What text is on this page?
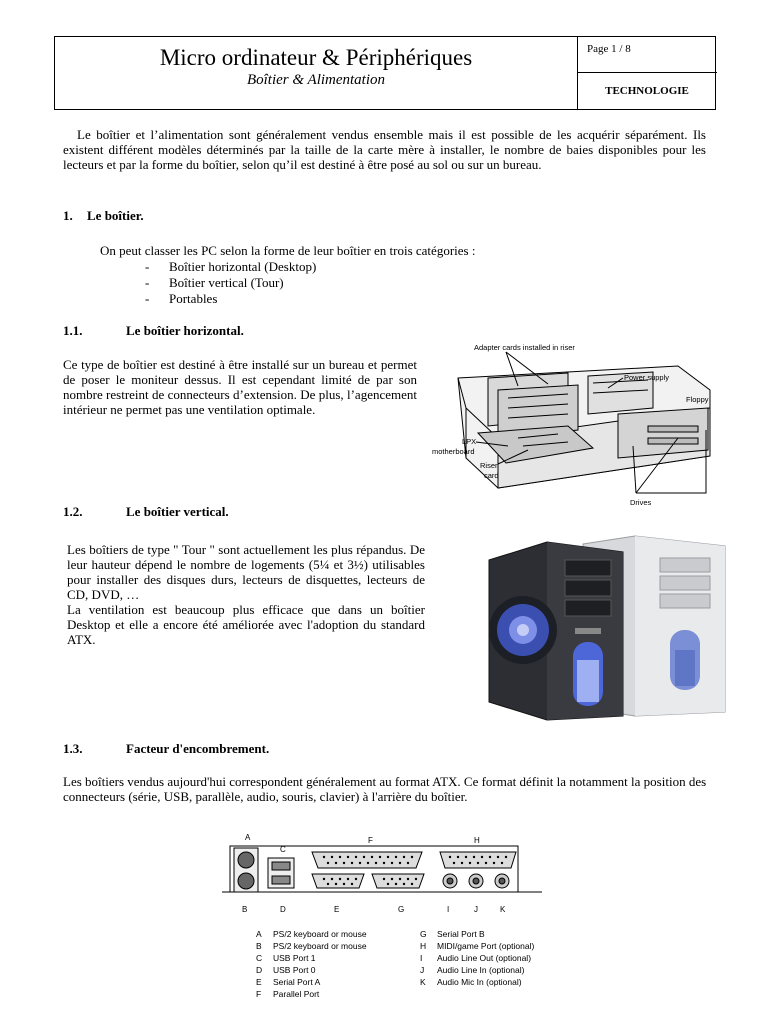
Micro ordinateur & Périphériques
Boîtier & Alimentation
Page 1 / 8
TECHNOLOGIE
Le boîtier et l’alimentation sont généralement vendus ensemble mais il est possible de les acquérir séparément. Ils existent différent modèles déterminés par la taille de la carte mère à installer, le nombre de baies disponibles pour les lecteurs et par la forme du boîtier, selon qu’il est destiné à être posé au sol ou sur un bureau.
1. Le boîtier.
On peut classer les PC selon la forme de leur boîtier en trois catégories :
- Boîtier horizontal (Desktop)
- Boîtier vertical (Tour)
- Portables
1.1.	Le boîtier horizontal.
Ce type de boîtier est destiné à être installé sur un bureau et permet de poser le moniteur dessus. Il est cependant limité de par son nombre restreint de connecteurs d’extension. De plus, l’agencement intérieur ne permet pas une ventilation optimale.
Adapter cards installed in riser
Power supply
Floppy
LPX
motherboard
Riser
card
Drives
1.2.	Le boîtier vertical.
Les boîtiers de type " Tour " sont actuellement les plus répandus. De leur hauteur dépend le nombre de logements (5¼ et 3½) utilisables pour installer des disques durs, lecteurs de disquettes, lecteurs de CD, DVD, …
La ventilation est beaucoup plus efficace que dans un boîtier Desktop et elle a encore été améliorée avec l'adoption du standard ATX.
1.3.	Facteur d'encombrement.
Les boîtiers vendus aujourd'hui correspondent généralement au format ATX. Ce format définit la notamment la position des connecteurs (série, USB, parallèle, audio, souris, clavier) à l'arrière du boîtier.
A
C
F	H
B	D	E	G	I	J	K
A PS/2 keyboard or mouse
B PS/2 keyboard or mouse
C USB Port 1
D USB Port 0
E Serial Port A
F Parallel Port
G Serial Port B
H MIDI/game Port (optional)
I Audio Line Out (optional)
J Audio Line In (optional)
K Audio Mic In (optional)
